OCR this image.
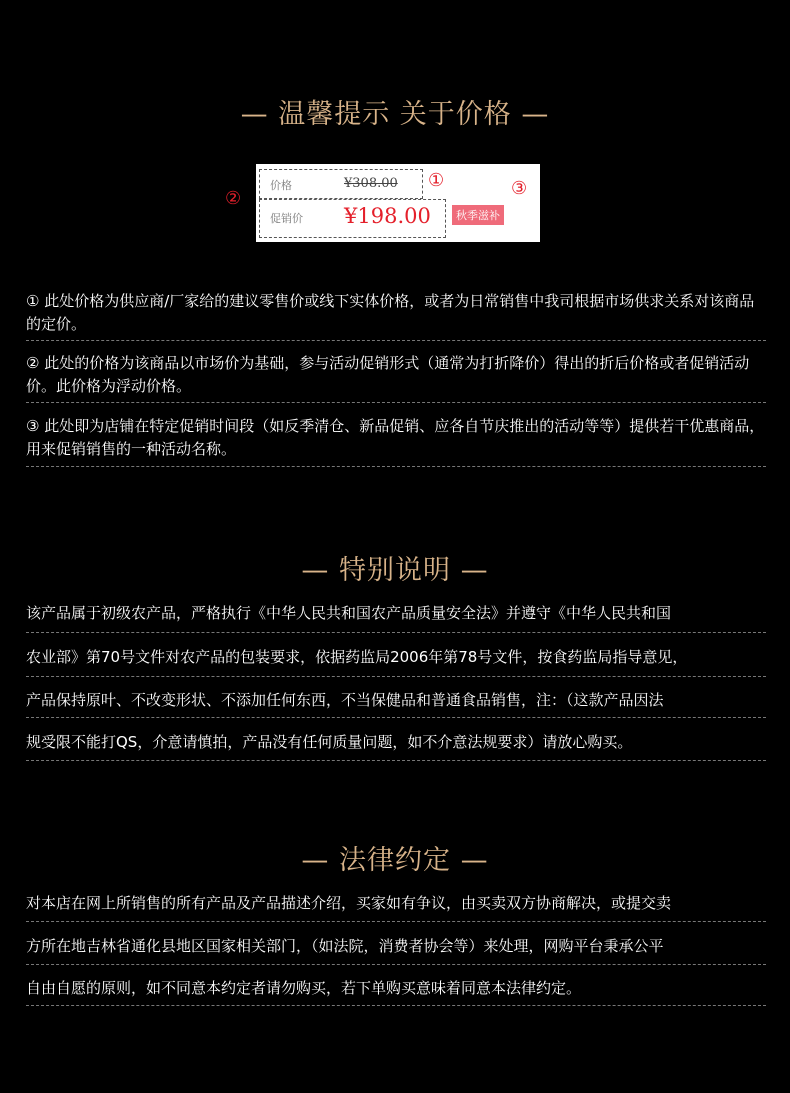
— 温馨提示 关于价格 —
价格	¥308.00
促销价 ¥198.00	秋季滋补
①	③
②
① 此处价格为供应商/厂家给的建议零售价或线下实体价格，或者为日常销售中我司根据市场供求关系对该商品的定价。
② 此处的价格为该商品以市场价为基础，参与活动促销形式（通常为打折降价）得出的折后价格或者促销活动价。此价格为浮动价格。
③ 此处即为店铺在特定促销时间段（如反季清仓、新品促销、应各自节庆推出的活动等等）提供若干优惠商品，用来促销销售的一种活动名称。
— 特别说明 —
该产品属于初级农产品，严格执行《中华人民共和国农产品质量安全法》并遵守《中华人民共和国
农业部》第70号文件对农产品的包装要求，依据药监局2006年第78号文件，按食药监局指导意见，
产品保持原叶、不改变形状、不添加任何东西，不当保健品和普通食品销售，注：（这款产品因法
规受限不能打QS，介意请慎拍，产品没有任何质量问题，如不介意法规要求）请放心购买。
— 法律约定 —
对本店在网上所销售的所有产品及产品描述介绍，买家如有争议，由买卖双方协商解决，或提交卖
方所在地吉林省通化县地区国家相关部门，（如法院，消费者协会等）来处理，网购平台秉承公平
自由自愿的原则，如不同意本约定者请勿购买，若下单购买意味着同意本法律约定。
